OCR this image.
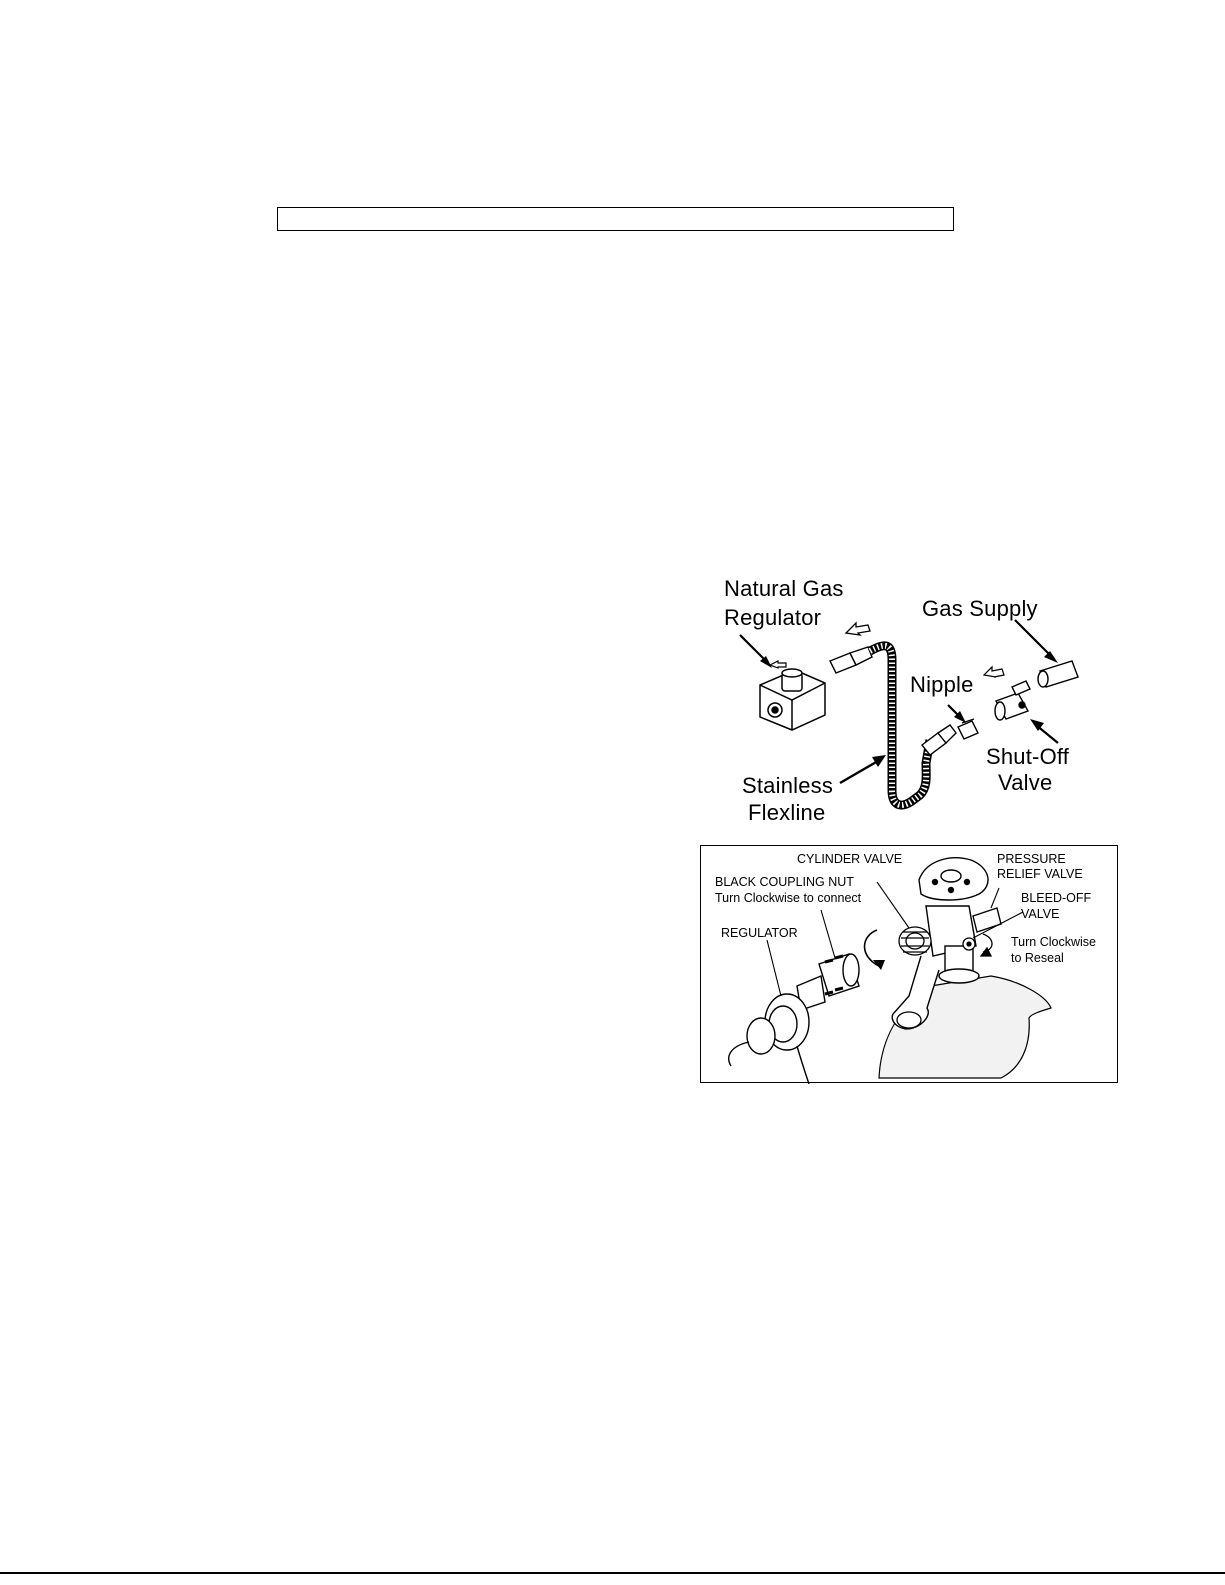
Natural Gas
Regulator	Gas Supply
Nipple
Shut-Off
Valve
Stainless
Flexline
CYLINDER VALVE	PRESSURE
RELIEF VALVE
BLACK COUPLING NUT
Turn Clockwise to connect	BLEED-OFF
VALVE
REGULATOR
Turn Clockwise
to Reseal
